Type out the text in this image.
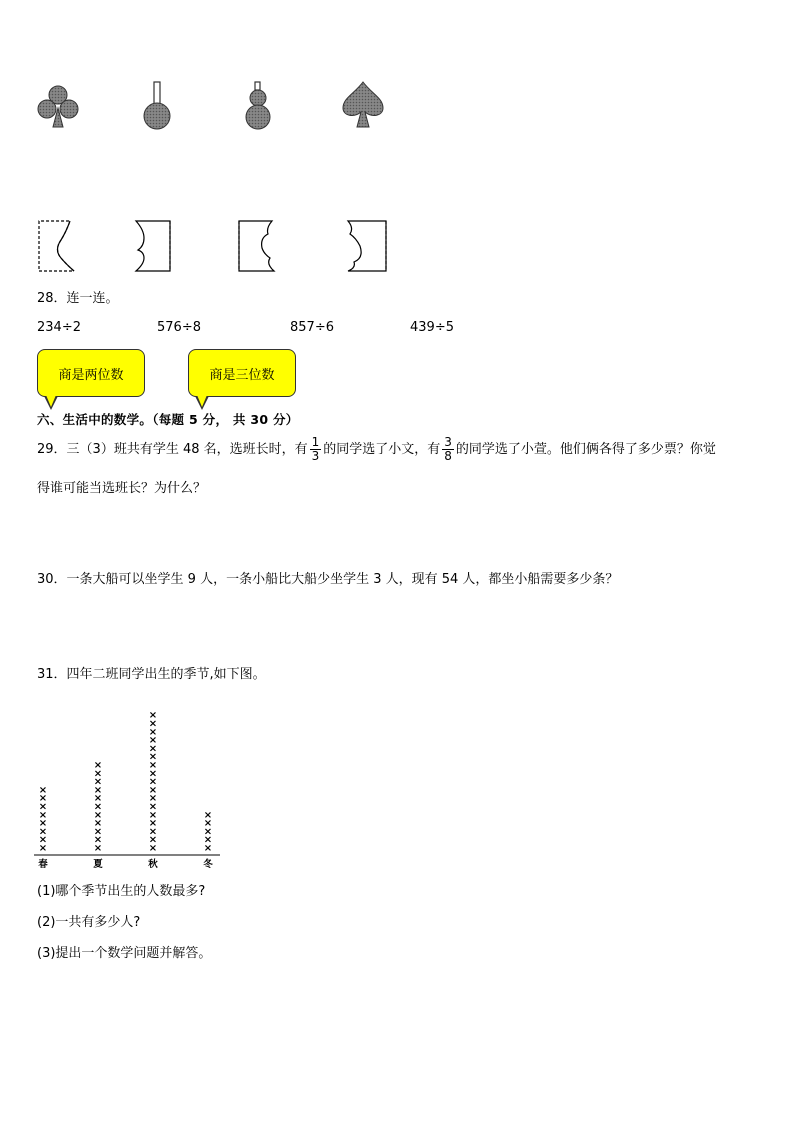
28．连一连。
234÷2	576÷8	857÷6	439÷5
商是两位数	商是三位数
六、生活中的数学。（每题 5 分， 共 30 分）
29．三（3）班共有学生 48 名，选班长时，有 $\frac{1}{3}$ 的同学选了小文，有 $\frac{3}{8}$ 的同学选了小萱。他们俩各得了多少票？你觉
得谁可能当选班长？为什么？
30．一条大船可以坐学生 9 人，一条小船比大船少坐学生 3 人，现有 54 人，都坐小船需要多少条？
31．四年二班同学出生的季节,如下图。
×
×
×
×
×
×
×
×
春
×
×
×
×
×
×
×
×
×
×
×
夏
×
×
×
×
×
×
×
×
×
×
×
×
×
×
×
×
×
秋
×
×
×
×
×
冬
(1)哪个季节出生的人数最多?
(2)一共有多少人?
(3)提出一个数学问题并解答。
